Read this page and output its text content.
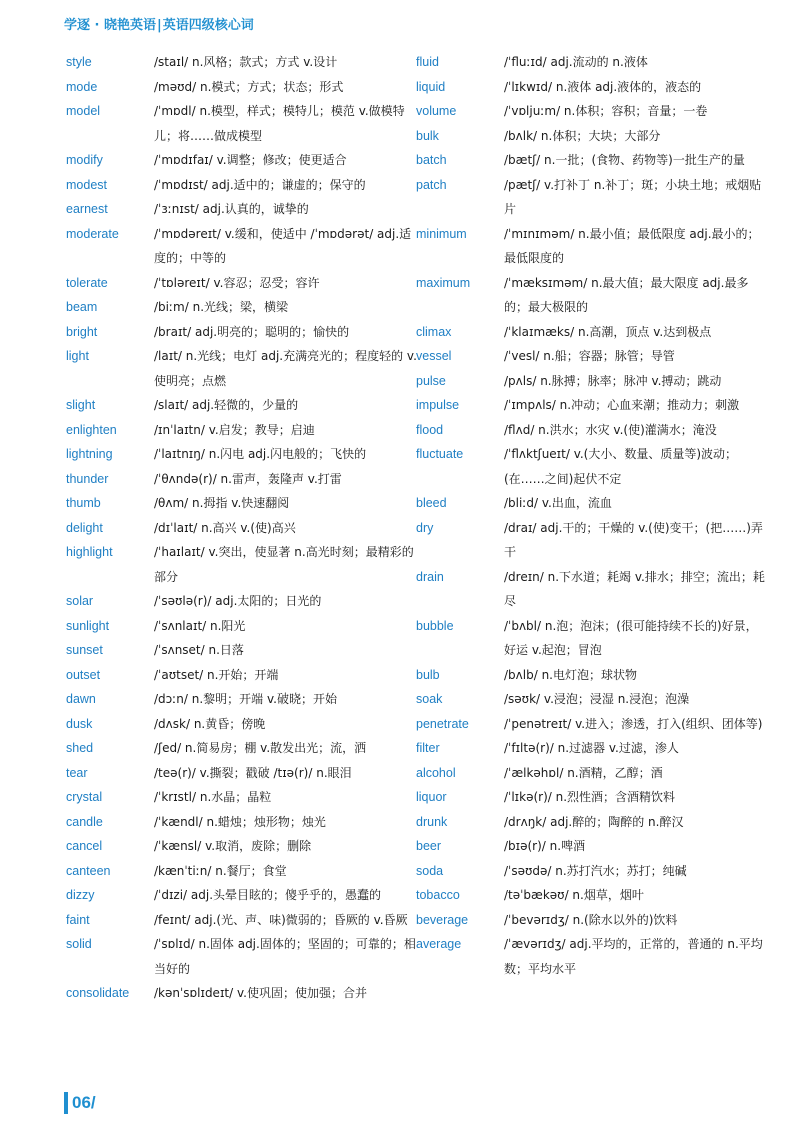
学逐 · 晓艳英语|英语四级核心词
style	/staɪl/ n.风格；款式；方式 v.设计
mode	/məʊd/ n.模式；方式；状态；形式
model	/ˈmɒdl/ n.模型，样式；模特儿；模范 v.做模特儿；将……做成模型
modify	/ˈmɒdɪfaɪ/ v.调整；修改；使更适合
modest	/ˈmɒdɪst/ adj.适中的；谦虚的；保守的
earnest	/ˈɜːnɪst/ adj.认真的，诚挚的
moderate	/ˈmɒdəreɪt/ v.缓和，使适中 /ˈmɒdərət/ adj.适度的；中等的
tolerate	/ˈtɒləreɪt/ v.容忍；忍受；容许
beam	/biːm/ n.光线；梁，横梁
bright	/braɪt/ adj.明亮的；聪明的；愉快的
light	/laɪt/ n.光线；电灯 adj.充满亮光的；程度轻的 v.使明亮；点燃
slight	/slaɪt/ adj.轻微的，少量的
enlighten	/ɪnˈlaɪtn/ v.启发；教导；启迪
lightning	/ˈlaɪtnɪŋ/ n.闪电 adj.闪电般的；飞快的
thunder	/ˈθʌndə(r)/ n.雷声，轰隆声 v.打雷
thumb	/θʌm/ n.拇指 v.快速翻阅
delight	/dɪˈlaɪt/ n.高兴 v.(使)高兴
highlight	/ˈhaɪlaɪt/ v.突出，使显著 n.高光时刻；最精彩的部分
solar	/ˈsəʊlə(r)/ adj.太阳的；日光的
sunlight	/ˈsʌnlaɪt/ n.阳光
sunset	/ˈsʌnset/ n.日落
outset	/ˈaʊtset/ n.开始；开端
dawn	/dɔːn/ n.黎明；开端 v.破晓；开始
dusk	/dʌsk/ n.黄昏；傍晚
shed	/ʃed/ n.简易房；棚 v.散发出光；流，洒
tear	/teə(r)/ v.撕裂；戳破 /tɪə(r)/ n.眼泪
crystal	/ˈkrɪstl/ n.水晶；晶粒
candle	/ˈkændl/ n.蜡烛；烛形物；烛光
cancel	/ˈkænsl/ v.取消，废除；删除
canteen	/kænˈtiːn/ n.餐厅；食堂
dizzy	/ˈdɪzi/ adj.头晕目眩的；傻乎乎的，愚蠢的
faint	/feɪnt/ adj.(光、声、味)微弱的；昏厥的 v.昏厥
solid	/ˈsɒlɪd/ n.固体 adj.固体的；坚固的；可靠的；相当好的
consolidate /kənˈsɒlɪdeɪt/ v.使巩固；使加强；合并
fluid	/ˈfluːɪd/ adj.流动的 n.液体
liquid	/ˈlɪkwɪd/ n.液体 adj.液体的，液态的
volume	/ˈvɒljuːm/ n.体积；容积；音量；一卷
bulk	/bʌlk/ n.体积；大块；大部分
batch	/bætʃ/ n.一批；(食物、药物等)一批生产的量
patch	/pætʃ/ v.打补丁 n.补丁；斑；小块土地；戒烟贴片
minimum	/ˈmɪnɪməm/ n.最小值；最低限度 adj.最小的；最低限度的
maximum	/ˈmæksɪməm/ n.最大值；最大限度 adj.最多的；最大极限的
climax	/ˈklaɪmæks/ n.高潮，顶点 v.达到极点
vessel	/ˈvesl/ n.船；容器；脉管；导管
pulse	/pʌls/ n.脉搏；脉率；脉冲 v.搏动；跳动
impulse	/ˈɪmpʌls/ n.冲动；心血来潮；推动力；刺激
flood	/flʌd/ n.洪水；水灾 v.(使)灌满水；淹没
fluctuate	/ˈflʌktʃueɪt/ v.(大小、数量、质量等)波动；(在……之间)起伏不定
bleed	/bliːd/ v.出血，流血
dry	/draɪ/ adj.干的；干燥的 v.(使)变干；(把……)弄干
drain	/dreɪn/ n.下水道；耗竭 v.排水；排空；流出；耗尽
bubble	/ˈbʌbl/ n.泡；泡沫；(很可能持续不长的)好景，好运 v.起泡；冒泡
bulb	/bʌlb/ n.电灯泡；球状物
soak	/səʊk/ v.浸泡；浸湿 n.浸泡；泡澡
penetrate	/ˈpenətreɪt/ v.进入；渗透，打入(组织、团体等)
filter	/ˈfɪltə(r)/ n.过滤器 v.过滤，渗人
alcohol	/ˈælkəhɒl/ n.酒精，乙醇；酒
liquor	/ˈlɪkə(r)/ n.烈性酒；含酒精饮料
drunk	/drʌŋk/ adj.醉的；陶醉的 n.醉汉
beer	/bɪə(r)/ n.啤酒
soda	/ˈsəʊdə/ n.苏打汽水；苏打；纯碱
tobacco	/təˈbækəʊ/ n.烟草，烟叶
beverage	/ˈbevərɪdʒ/ n.(除水以外的)饮料
average	/ˈævərɪdʒ/ adj.平均的，正常的，普通的 n.平均数；平均水平
06/
